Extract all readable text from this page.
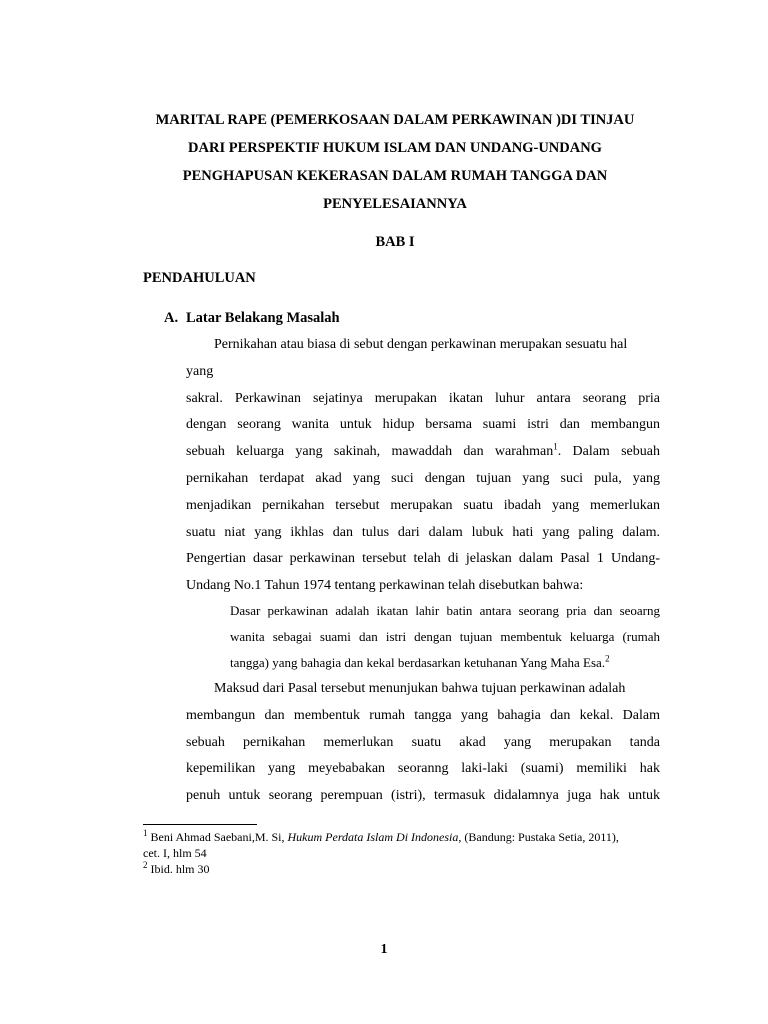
MARITAL RAPE (PEMERKOSAAN DALAM PERKAWINAN )DI TINJAU
DARI PERSPEKTIF HUKUM ISLAM DAN UNDANG-UNDANG
PENGHAPUSAN KEKERASAN DALAM RUMAH TANGGA DAN
PENYELESAIANNYA
BAB I
PENDAHULUAN
A. Latar Belakang Masalah
Pernikahan atau biasa di sebut dengan perkawinan merupakan sesuatu hal
yang
sakral. Perkawinan sejatinya merupakan ikatan luhur antara seorang pria
dengan seorang wanita untuk hidup bersama suami istri dan membangun
sebuah keluarga yang sakinah, mawaddah dan warahman$^1$. Dalam sebuah
pernikahan terdapat akad yang suci dengan tujuan yang suci pula, yang
menjadikan pernikahan tersebut merupakan suatu ibadah yang memerlukan
suatu niat yang ikhlas dan tulus dari dalam lubuk hati yang paling dalam.
Pengertian dasar perkawinan tersebut telah di jelaskan dalam Pasal 1 Undang-
Undang No.1 Tahun 1974 tentang perkawinan telah disebutkan bahwa:
Dasar perkawinan adalah ikatan lahir batin antara seorang pria dan seoarng
wanita sebagai suami dan istri dengan tujuan membentuk keluarga (rumah
tangga) yang bahagia dan kekal berdasarkan ketuhanan Yang Maha Esa.$^2$
Maksud dari Pasal tersebut menunjukan bahwa tujuan perkawinan adalah
membangun dan membentuk rumah tangga yang bahagia dan kekal. Dalam
sebuah pernikahan memerlukan suatu akad yang merupakan tanda
kepemilikan yang meyebabakan seoranng laki-laki (suami) memiliki hak
penuh untuk seorang perempuan (istri), termasuk didalamnya juga hak untuk
$^1$ Beni Ahmad Saebani,M. Si, Hukum Perdata Islam Di Indonesia, (Bandung: Pustaka Setia, 2011),
cet. I, hlm 54
$^2$ Ibid. hlm 30
1
